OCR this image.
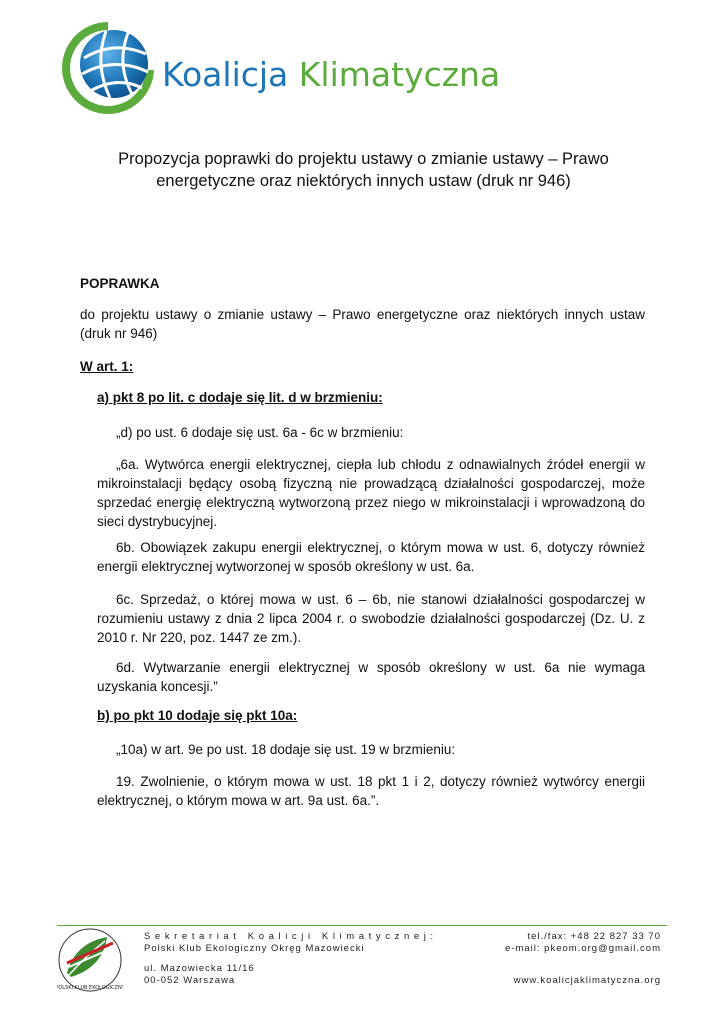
Koalicja Klimatyczna
Propozycja poprawki do projektu ustawy o zmianie ustawy – Prawo
energetyczne oraz niektórych innych ustaw (druk nr 946)
POPRAWKA
do projektu ustawy o zmianie ustawy – Prawo energetyczne oraz niektórych innych ustaw (druk nr 946)
W art. 1:
a) pkt 8 po lit. c dodaje się lit. d w brzmieniu:
„d) po ust. 6 dodaje się ust. 6a - 6c w brzmieniu:
„6a. Wytwórca energii elektrycznej, ciepła lub chłodu z odnawialnych źródeł energii w mikroinstalacji będący osobą fizyczną nie prowadzącą działalności gospodarczej, może sprzedać energię elektryczną wytworzoną przez niego w mikroinstalacji i wprowadzoną do sieci dystrybucyjnej.
6b. Obowiązek zakupu energii elektrycznej, o którym mowa w ust. 6, dotyczy również energii elektrycznej wytworzonej w sposób określony w ust. 6a.
6c. Sprzedaż, o której mowa w ust. 6 – 6b, nie stanowi działalności gospodarczej w rozumieniu ustawy z dnia 2 lipca 2004 r. o swobodzie działalności gospodarczej (Dz. U. z 2010 r. Nr 220, poz. 1447 ze zm.).
6d. Wytwarzanie energii elektrycznej w sposób określony w ust. 6a nie wymaga uzyskania koncesji.”
b) po pkt 10 dodaje się pkt 10a:
„10a) w art. 9e po ust. 18 dodaje się ust. 19 w brzmieniu:
19. Zwolnienie, o którym mowa w ust. 18 pkt 1 i 2, dotyczy również wytwórcy energii elektrycznej, o którym mowa w art. 9a ust. 6a.”.
POLSKI KLUB EKOLOGICZNY
Sekretariat Koalicji Klimatycznej:
Polski Klub Ekologiczny Okręg Mazowiecki
ul. Mazowiecka 11/16
00-052 Warszawa
tel./fax: +48 22 827 33 70
e-mail: pkeom.org@gmail.com
www.koalicjaklimatyczna.org
